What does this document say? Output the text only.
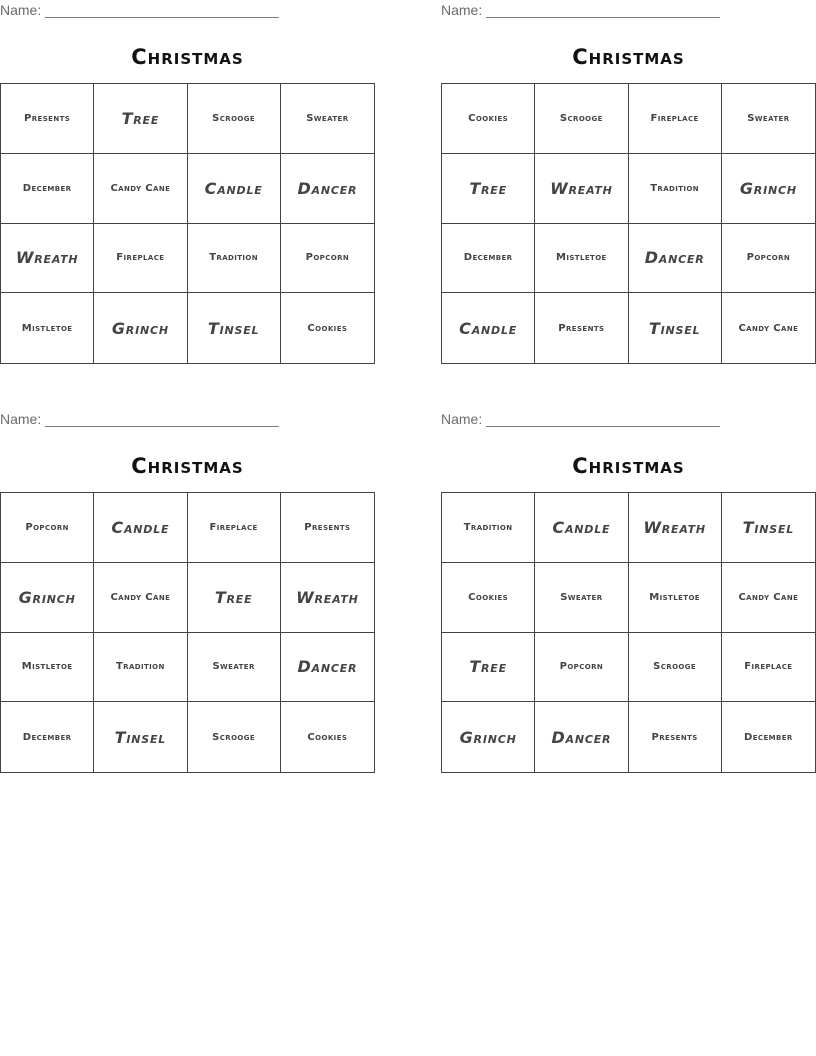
Name: ______________________________
Christmas
Presents	Tree	Scrooge	Sweater
December	Candy Cane	Candle	Dancer
Wreath	Fireplace	Tradition	Popcorn
Mistletoe	Grinch	Tinsel	Cookies
Name: ______________________________
Christmas
Cookies	Scrooge	Fireplace	Sweater
Tree	Wreath	Tradition	Grinch
December	Mistletoe	Dancer	Popcorn
Candle	Presents	Tinsel	Candy Cane
Name: ______________________________
Christmas
Popcorn	Candle	Fireplace	Presents
Grinch	Candy Cane	Tree	Wreath
Mistletoe	Tradition	Sweater	Dancer
December	Tinsel	Scrooge	Cookies
Name: ______________________________
Christmas
Tradition	Candle	Wreath	Tinsel
Cookies	Sweater	Mistletoe	Candy Cane
Tree	Popcorn	Scrooge	Fireplace
Grinch	Dancer	Presents	December
